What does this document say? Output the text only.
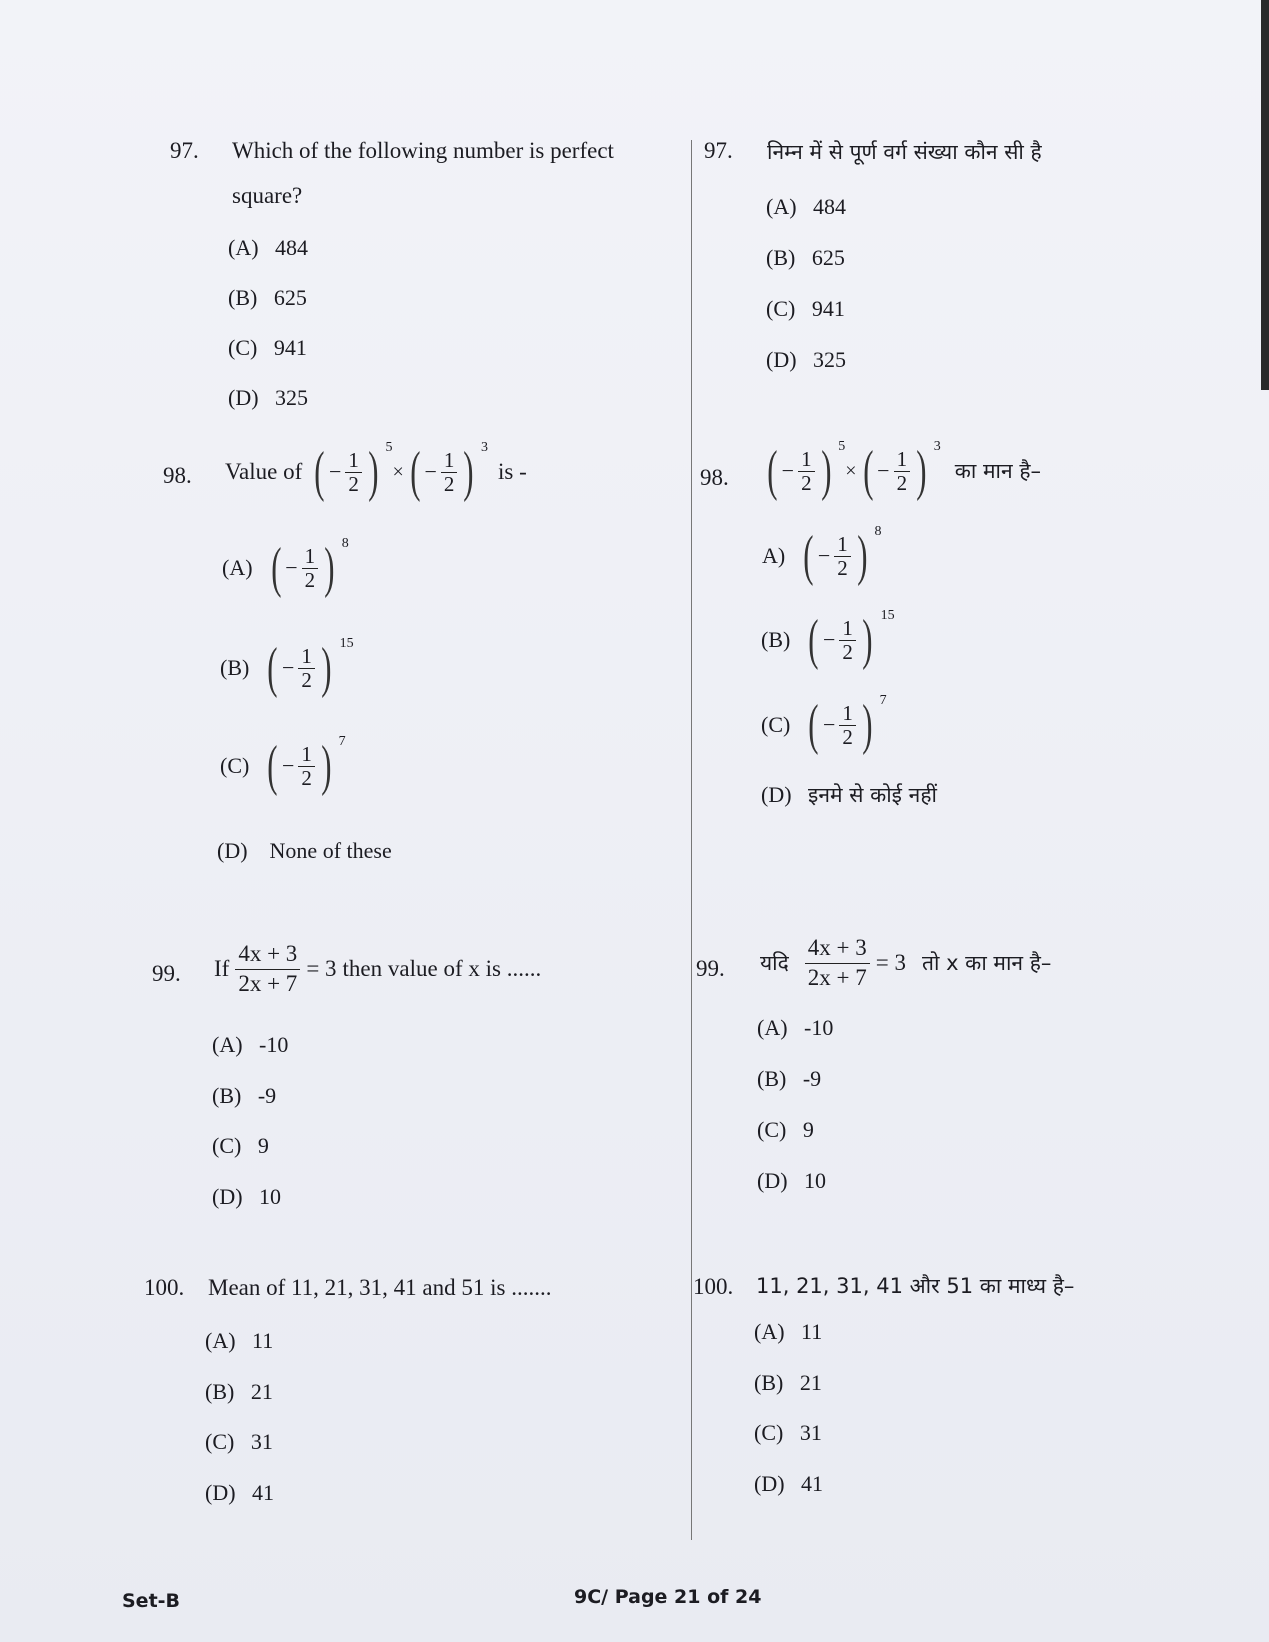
97. Which of the following number is perfect
square?
(A) 484
(B) 625
(C) 941
(D) 325
98. Value of ( − $\frac{1}{2}$ ) $^5$
× ( − $\frac{1}{2}$ ) $^3$
is -
(A) ( − $\frac{1}{2}$ ) $^8$
(B) ( − $\frac{1}{2}$ ) $^{15}$
(C) ( − $\frac{1}{2}$ ) $^7$
(D) None of these
99. If $\frac{4x + 3}{2x + 7} = 3$ then value of x is ......
(A) -10
(B) -9
(C) 9
(D) 10
100. Mean of 11, 21, 31, 41 and 51 is .......
(A) 11
(B) 21
(C) 31
(D) 41
97. निम्न में से पूर्ण वर्ग संख्या कौन सी है
(A) 484
(B) 625
(C) 941
(D) 325
98. ( − $\frac{1}{2}$ ) $^5$
× ( − $\frac{1}{2}$ ) $^3$
का मान है–
A) ( − $\frac{1}{2}$ ) $^8$
(B) ( − $\frac{1}{2}$ ) $^{15}$
(C) ( − $\frac{1}{2}$ ) $^7$
(D) इनमे से कोई नहीं
99. यदि $\frac{4x + 3}{2x + 7} = 3$ तो x का मान है–
(A) -10
(B) -9
(C) 9
(D) 10
100. 11, 21, 31, 41 और 51 का माध्य है–
(A) 11
(B) 21
(C) 31
(D) 41
Set-B	9C/ Page 21 of 24
